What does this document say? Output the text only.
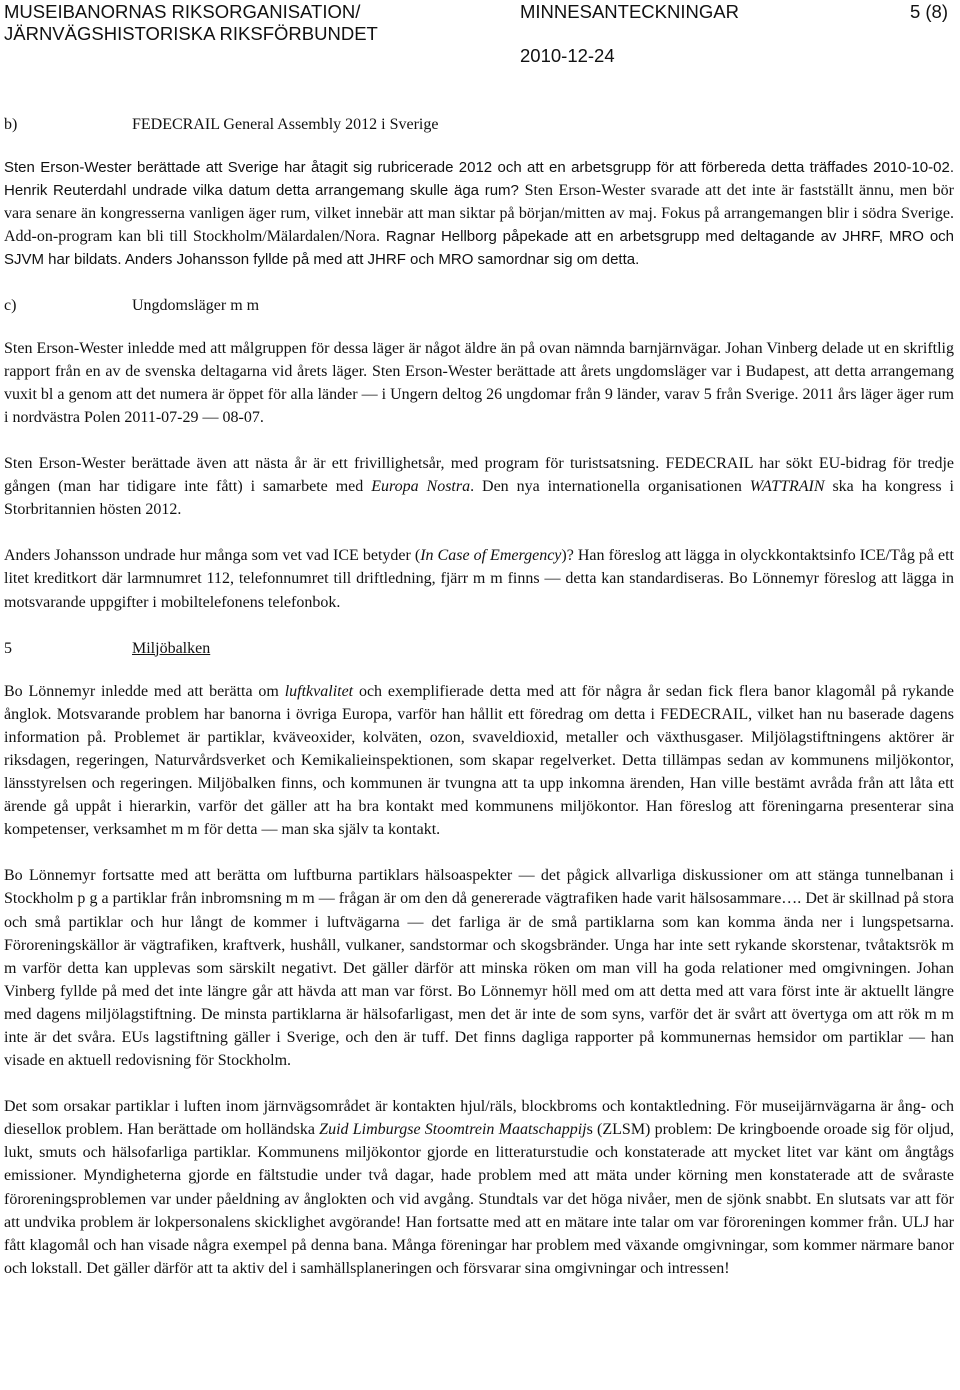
MUSEIBANORNAS RIKSORGANISATION/
JÄRNVÄGSHISTORISKA RIKSFÖRBUNDET
MINNESANTECKNINGAR	5 (8)
2010-12-24
b)	FEDECRAIL General Assembly 2012 i Sverige

Sten Erson-Wester berättade att Sverige har åtagit sig rubricerade 2012 och att en arbetsgrupp för att förbereda detta träffades 2010-10-02. Henrik Reuterdahl undrade vilka datum detta arrangemang skulle äga rum? Sten Erson-Wester svarade att det inte är fastställt ännu, men bör vara senare än kongresserna vanligen äger rum, vilket innebär att man siktar på början/mitten av maj. Fokus på arrangemangen blir i södra Sverige. Add-on-program kan bli till Stockholm/Mälardalen/Nora. Ragnar Hellborg påpekade att en arbetsgrupp med deltagande av JHRF, MRO och SJVM har bildats. Anders Johansson fyllde på med att JHRF och MRO samordnar sig om detta.

c)	Ungdomsläger m m

Sten Erson-Wester inledde med att målgruppen för dessa läger är något äldre än på ovan nämnda barnjärnvägar. Johan Vinberg delade ut en skriftlig rapport från en av de svenska deltagarna vid årets läger. Sten Erson-Wester berättade att årets ungdomsläger var i Budapest, att detta arrangemang vuxit bl a genom att det numera är öppet för alla länder — i Ungern deltog 26 ungdomar från 9 länder, varav 5 från Sverige. 2011 års läger äger rum i nordvästra Polen 2011-07-29 — 08-07.

Sten Erson-Wester berättade även att nästa år är ett frivillighetsår, med program för turistsatsning. FEDECRAIL har sökt EU-bidrag för tredje gången (man har tidigare inte fått) i samarbete med Europa Nostra. Den nya internationella organisationen WATTRAIN ska ha kongress i Storbritannien hösten 2012.

Anders Johansson undrade hur många som vet vad ICE betyder (In Case of Emergency)? Han föreslog att lägga in olyckkontaktsinfo ICE/Tåg på ett litet kreditkort där larmnumret 112, telefonnumret till driftledning, fjärr m m finns — detta kan standardiseras. Bo Lönnemyr föreslog att lägga in motsvarande uppgifter i mobiltelefonens telefonbok.

5	Miljöbalken

Bo Lönnemyr inledde med att berätta om luftkvalitet och exemplifierade detta med att för några år sedan fick flera banor klagomål på rykande ånglok. Motsvarande problem har banorna i övriga Europa, varför han hållit ett föredrag om detta i FEDECRAIL, vilket han nu baserade dagens information på. Problemet är partiklar, kväveoxider, kolväten, ozon, svaveldioxid, metaller och växthusgaser. Miljölagstiftningens aktörer är riksdagen, regeringen, Naturvårdsverket och Kemikalieinspektionen, som skapar regelverket. Detta tillämpas sedan av kommunens miljökontor, länsstyrelsen och regeringen. Miljöbalken finns, och kommunen är tvungna att ta upp inkomna ärenden, Han ville bestämt avråda från att låta ett ärende gå uppåt i hierarkin, varför det gäller att ha bra kontakt med kommunens miljökontor. Han föreslog att föreningarna presenterar sina kompetenser, verksamhet m m för detta — man ska själv ta kontakt.

Bo Lönnemyr fortsatte med att berätta om luftburna partiklars hälsoaspekter — det pågick allvarliga diskussioner om att stänga tunnelbanan i Stockholm p g a partiklar från inbromsning m m — frågan är om den då genererade vägtrafiken hade varit hälsosammare…. Det är skillnad på stora och små partiklar och hur långt de kommer i luftvägarna — det farliga är de små partiklarna som kan komma ända ner i lungspetsarna. Föroreningskällor är vägtrafiken, kraftverk, hushåll, vulkaner, sandstormar och skogsbränder. Unga har inte sett rykande skorstenar, tvåtaktsrök m m varför detta kan upplevas som särskilt negativt. Det gäller därför att minska röken om man vill ha goda relationer med omgivningen. Johan Vinberg fyllde på med det inte längre går att hävda att man var först. Bo Lönnemyr höll med om att detta med att vara först inte är aktuellt längre med dagens miljölagstiftning. De minsta partiklarna är hälsofarligast, men det är inte de som syns, varför det är svårt att övertyga om att rök m m inte är det svåra. EUs lagstiftning gäller i Sverige, och den är tuff. Det finns dagliga rapporter på kommunernas hemsidor om partiklar — han visade en aktuell redovisning för Stockholm.

Det som orsakar partiklar i luften inom järnvägsområdet är kontakten hjul/räls, blockbroms och kontaktledning. För museijärnvägarna är ång- och dieselloк problem. Han berättade om holländska Zuid Limburgse Stoomtrein Maatschappijs (ZLSM) problem: De kringboende oroade sig för oljud, lukt, smuts och hälsofarliga partiklar. Kommunens miljökontor gjorde en litteraturstudie och konstaterade att mycket litet var känt om ångtågs emissioner. Myndigheterna gjorde en fältstudie under två dagar, hade problem med att mäta under körning men konstaterade att de svåraste föroreningsproblemen var under påeldning av ånglokten och vid avgång. Stundtals var det höga nivåer, men de sjönk snabbt. En slutsats var att för att undvika problem är lokpersonalens skicklighet avgörande! Han fortsatte med att en mätare inte talar om var föroreningen kommer från. ULJ har fått klagomål och han visade några exempel på denna bana. Många föreningar har problem med växande omgivningar, som kommer närmare banor och lokstall. Det gäller därför att ta aktiv del i samhällsplaneringen och försvarar sina omgivningar och intressen!
